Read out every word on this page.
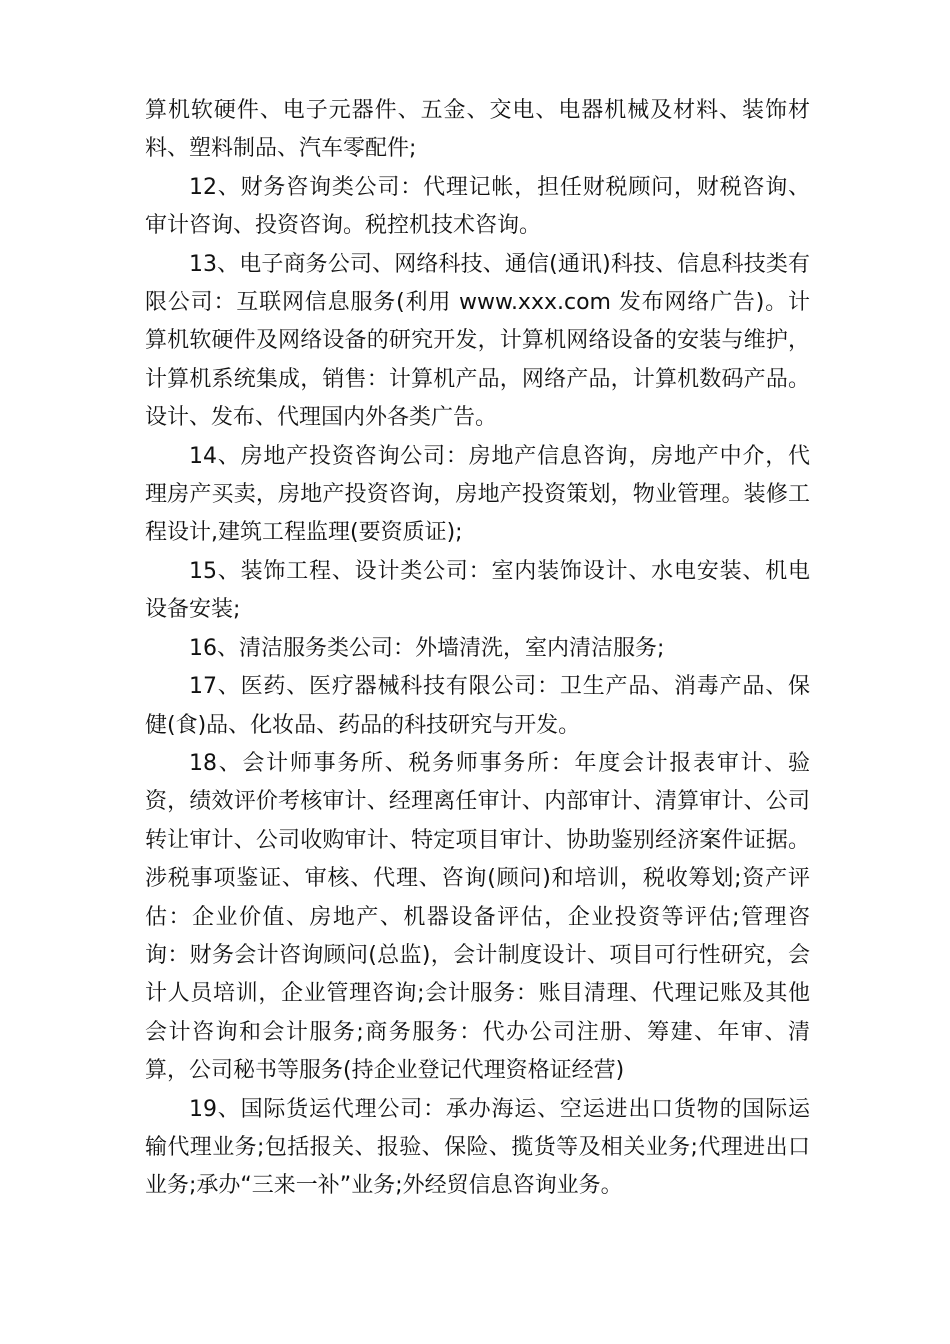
算机软硬件、电子元器件、五金、交电、电器机械及材料、装饰材料、塑料制品、汽车零配件;

12、财务咨询类公司：代理记帐，担任财税顾问，财税咨询、审计咨询、投资咨询。税控机技术咨询。

13、电子商务公司、网络科技、通信(通讯)科技、信息科技类有限公司：互联网信息服务(利用 www.xxx.com 发布网络广告)。计算机软硬件及网络设备的研究开发，计算机网络设备的安装与维护，计算机系统集成，销售：计算机产品，网络产品，计算机数码产品。设计、发布、代理国内外各类广告。

14、房地产投资咨询公司：房地产信息咨询，房地产中介，代理房产买卖，房地产投资咨询，房地产投资策划，物业管理。装修工程设计,建筑工程监理(要资质证);

15、装饰工程、设计类公司：室内装饰设计、水电安装、机电设备安装;

16、清洁服务类公司：外墙清洗，室内清洁服务;

17、医药、医疗器械科技有限公司：卫生产品、消毒产品、保健(食)品、化妆品、药品的科技研究与开发。

18、会计师事务所、税务师事务所：年度会计报表审计、验资，绩效评价考核审计、经理离任审计、内部审计、清算审计、公司转让审计、公司收购审计、特定项目审计、协助鉴别经济案件证据。涉税事项鉴证、审核、代理、咨询(顾问)和培训，税收筹划;资产评估：企业价值、房地产、机器设备评估，企业投资等评估;管理咨询：财务会计咨询顾问(总监)，会计制度设计、项目可行性研究，会计人员培训，企业管理咨询;会计服务：账目清理、代理记账及其他会计咨询和会计服务;商务服务：代办公司注册、筹建、年审、清算，公司秘书等服务(持企业登记代理资格证经营)

19、国际货运代理公司：承办海运、空运进出口货物的国际运输代理业务;包括报关、报验、保险、揽货等及相关业务;代理进出口业务;承办“三来一补”业务;外经贸信息咨询业务。
